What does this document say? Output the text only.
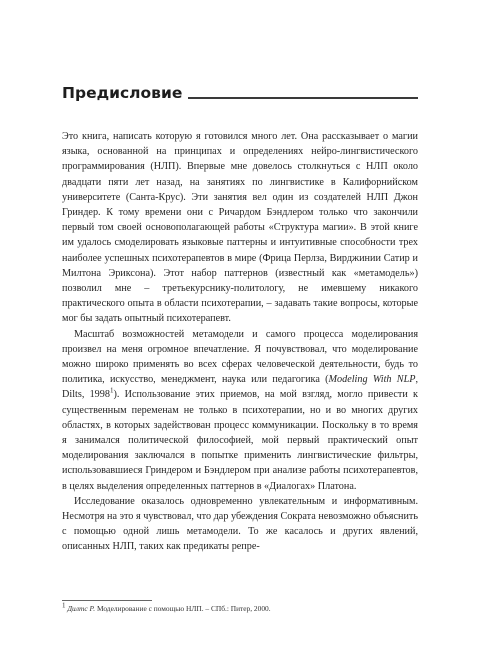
Предисловие

Это книга, написать которую я готовился много лет. Она рассказывает о магии языка, основанной на принципах и определениях нейро-лингвистического программирования (НЛП). Впервые мне довелось столкнуться с НЛП около двадцати пяти лет назад, на занятиях по лингвистике в Калифорнийском университете (Санта-Крус). Эти занятия вел один из создателей НЛП Джон Гриндер. К тому времени они с Ричардом Бэндлером только что закончили первый том своей основополагающей работы «Структура магии». В этой книге им удалось смоделировать языковые паттерны и интуитивные способности трех наиболее успешных психотерапевтов в мире (Фрица Перлза, Вирджинии Сатир и Милтона Эриксона). Этот набор паттернов (известный как «метамодель») позволил мне – третьекурснику-политологу, не имевшему никакого практического опыта в области психотерапии, – задавать такие вопросы, которые мог бы задать опытный психотерапевт.

Масштаб возможностей метамодели и самого процесса моделирования произвел на меня огромное впечатление. Я почувствовал, что моделирование можно широко применять во всех сферах человеческой деятельности, будь то политика, искусство, менеджмент, наука или педагогика (Modeling With NLP, Dilts, 1998$^1$). Использование этих приемов, на мой взгляд, могло привести к существенным переменам не только в психотерапии, но и во многих других областях, в которых задействован процесс коммуникации. Поскольку в то время я занимался политической философией, мой первый практический опыт моделирования заключался в попытке применить лингвистические фильтры, использовавшиеся Гриндером и Бэндлером при анализе работы психотерапевтов, в целях выделения определенных паттернов в «Диалогах» Платона.

Исследование оказалось одновременно увлекательным и информативным. Несмотря на это я чувствовал, что дар убеждения Сократа невозможно объяснить с помощью одной лишь метамодели. То же касалось и других явлений, описанных НЛП, таких как предикаты репре-

$^1$ Дилтс Р. Моделирование с помощью НЛП. – СПб.: Питер, 2000.
